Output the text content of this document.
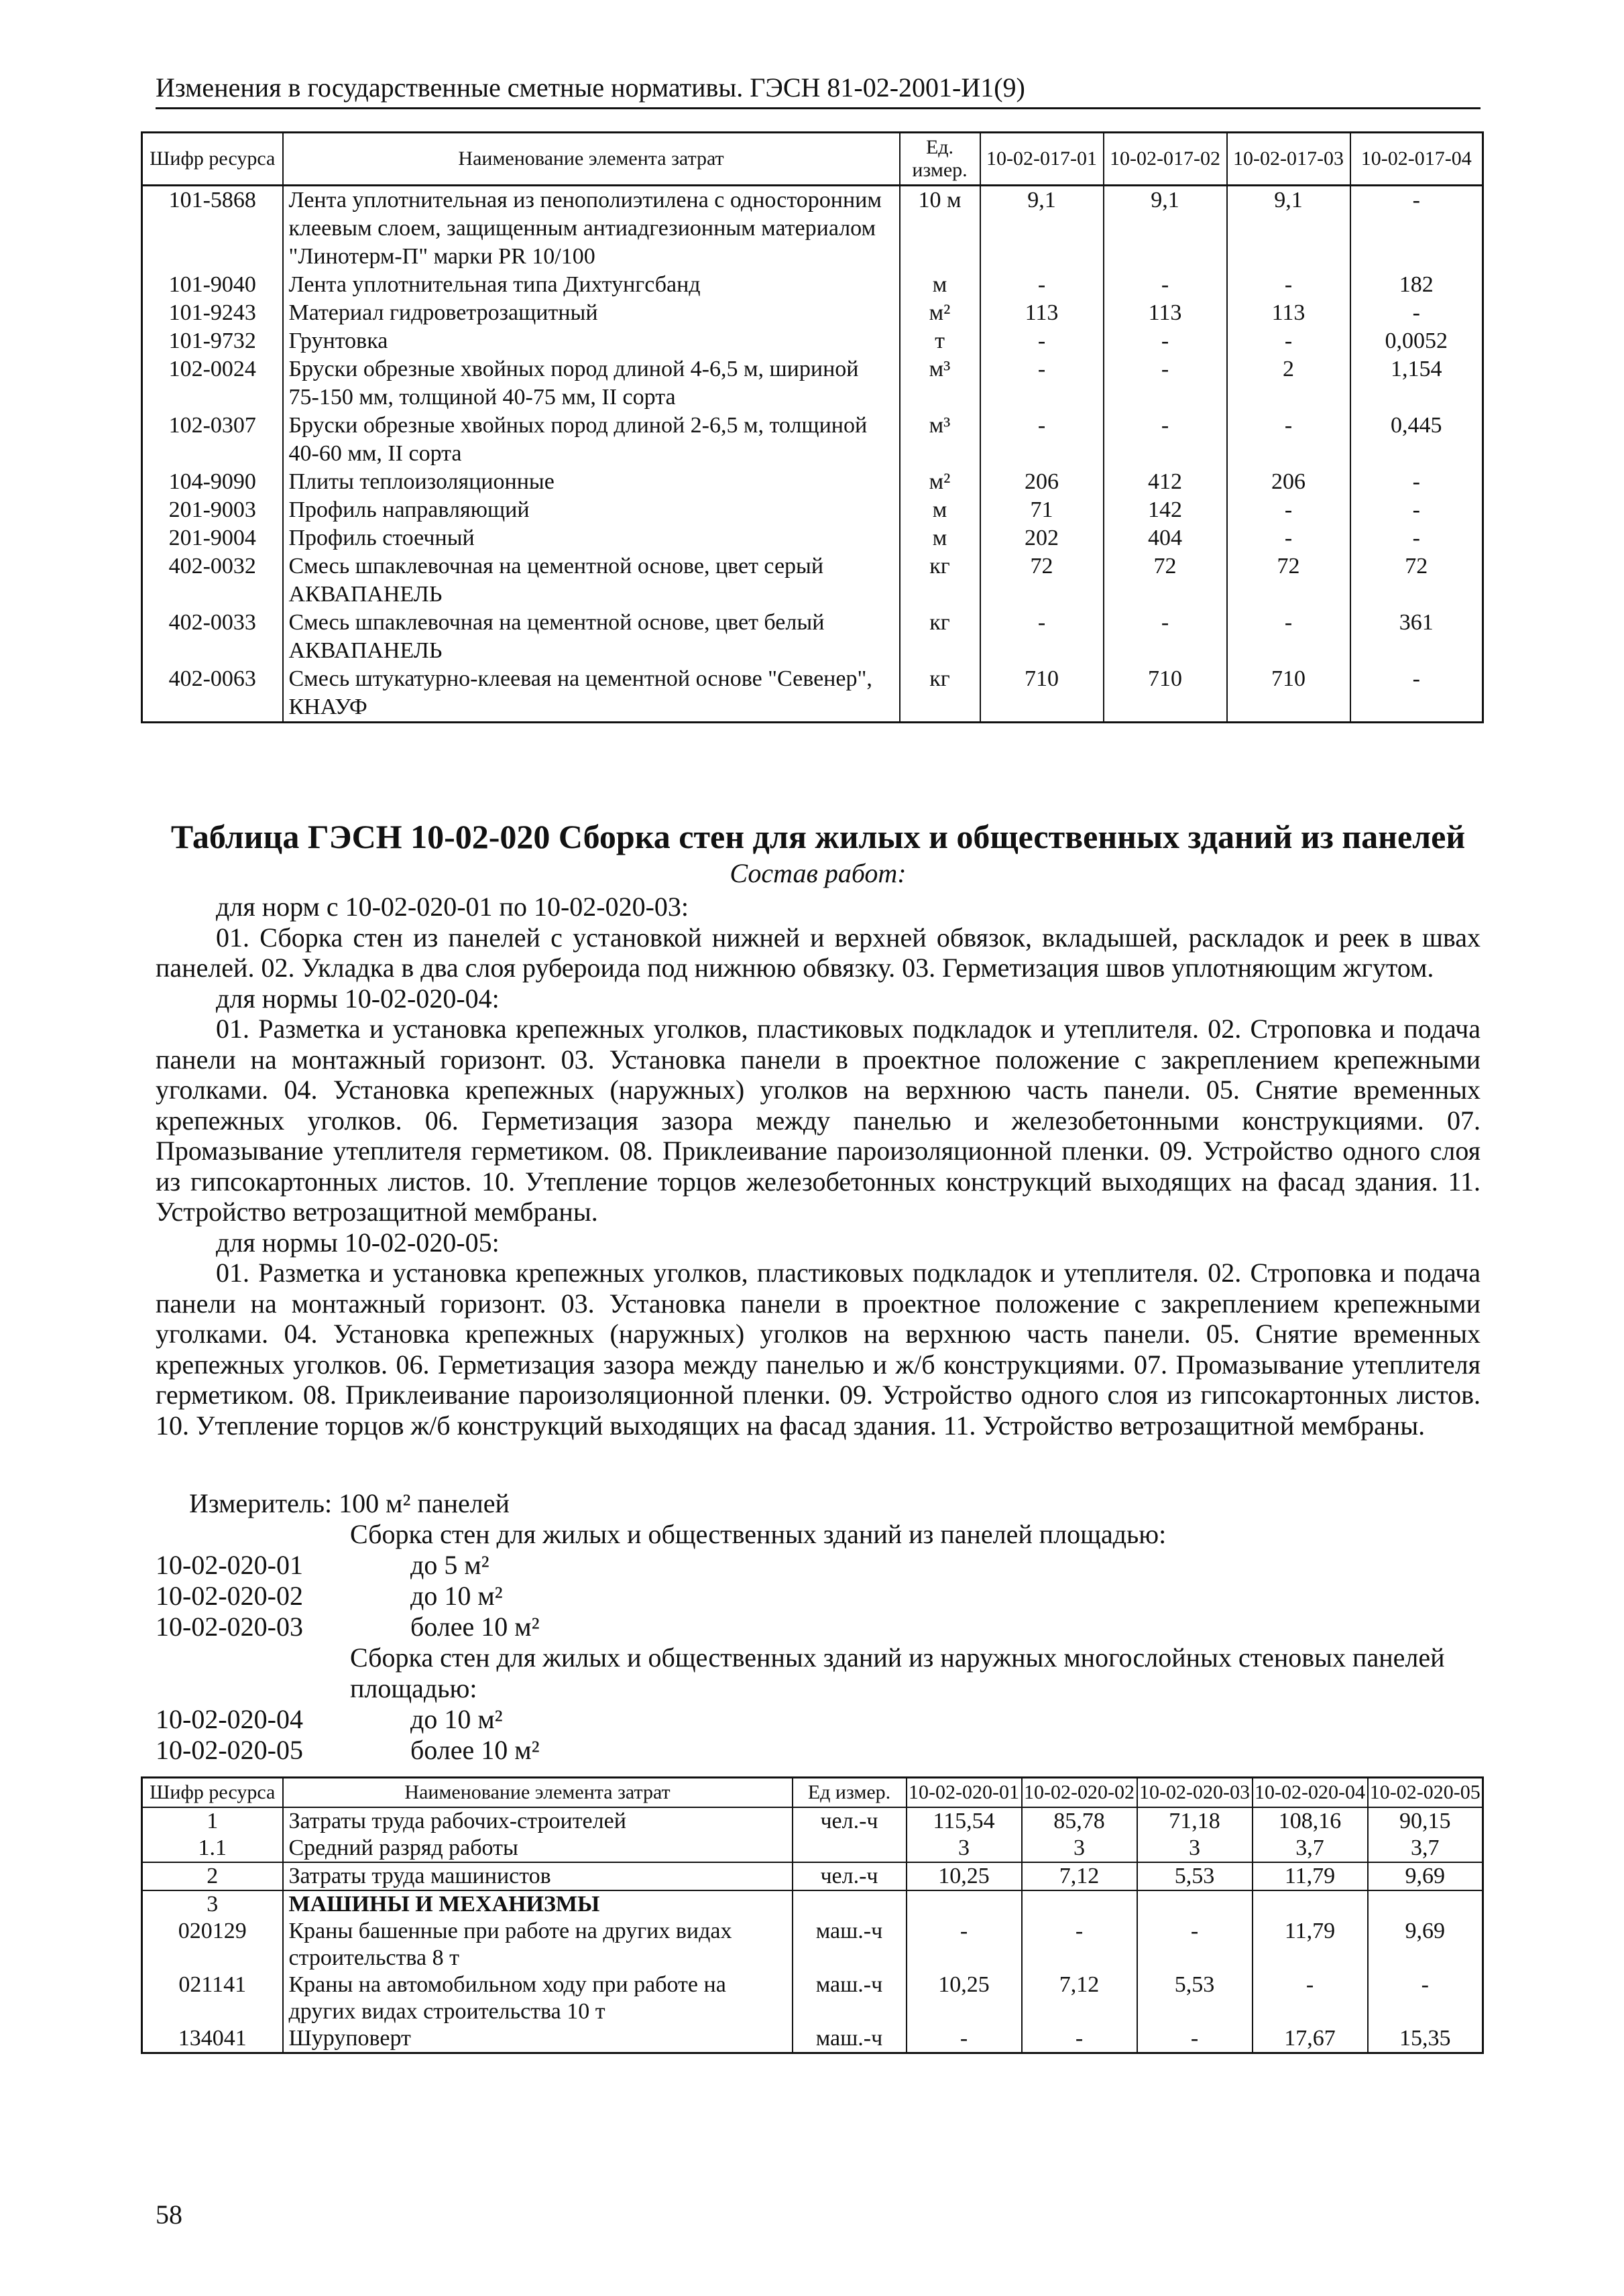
Изменения в государственные сметные нормативы. ГЭСН 81-02-2001-И1(9)
Шифр ресурса	Наименование элемента затрат	Ед. измер.	10-02-017-01	10-02-017-02	10-02-017-03	10-02-017-04
101-5868	Лента уплотнительная из пенополиэтилена с односторонним клеевым слоем, защищенным антиадгезионным материалом "Линотерм-П" марки PR 10/100	10 м	9,1	9,1	9,1	-
101-9040	Лента уплотнительная типа Дихтунгсбанд	м	-	-	-	182
101-9243	Материал гидроветрозащитный	м²	113	113	113	-
101-9732	Грунтовка	т	-	-	-	0,0052
102-0024	Бруски обрезные хвойных пород длиной 4-6,5 м, шириной 75-150 мм, толщиной 40-75 мм, II сорта	м³	-	-	2	1,154
102-0307	Бруски обрезные хвойных пород длиной 2-6,5 м, толщиной 40-60 мм, II сорта	м³	-	-	-	0,445
104-9090	Плиты теплоизоляционные	м²	206	412	206	-
201-9003	Профиль направляющий	м	71	142	-	-
201-9004	Профиль стоечный	м	202	404	-	-
402-0032	Смесь шпаклевочная на цементной основе, цвет серый АКВАПАНЕЛЬ	кг	72	72	72	72
402-0033	Смесь шпаклевочная на цементной основе, цвет белый АКВАПАНЕЛЬ	кг	-	-	-	361
402-0063	Смесь штукатурно-клеевая на цементной основе "Севенер", КНАУФ	кг	710	710	710	-
Таблица ГЭСН 10-02-020 Сборка стен для жилых и общественных зданий из панелей
Состав работ:

для норм с 10-02-020-01 по 10-02-020-03:

01. Сборка стен из панелей с установкой нижней и верхней обвязок, вкладышей, раскладок и реек в швах панелей. 02. Укладка в два слоя рубероида под нижнюю обвязку. 03. Герметизация швов уплотняющим жгутом.

для нормы 10-02-020-04:

01. Разметка и установка крепежных уголков, пластиковых подкладок и утеплителя. 02. Строповка и подача панели на монтажный горизонт. 03. Установка панели в проектное положение с закреплением крепежными уголками. 04. Установка крепежных (наружных) уголков на верхнюю часть панели. 05. Снятие временных крепежных уголков. 06. Герметизация зазора между панелью и железобетонными конструкциями. 07. Промазывание утеплителя герметиком. 08. Приклеивание пароизоляционной пленки. 09. Устройство одного слоя из гипсокартонных листов. 10. Утепление торцов железобетонных конструкций выходящих на фасад здания. 11. Устройство ветрозащитной мембраны.

для нормы 10-02-020-05:

01. Разметка и установка крепежных уголков, пластиковых подкладок и утеплителя. 02. Строповка и подача панели на монтажный горизонт. 03. Установка панели в проектное положение с закреплением крепежными уголками. 04. Установка крепежных (наружных) уголков на верхнюю часть панели. 05. Снятие временных крепежных уголков. 06. Герметизация зазора между панелью и ж/б конструкциями. 07. Промазывание утеплителя герметиком. 08. Приклеивание пароизоляционной пленки. 09. Устройство одного слоя из гипсокартонных листов. 10. Утепление торцов ж/б конструкций выходящих на фасад здания. 11. Устройство ветрозащитной мембраны.

Измеритель: 100 м² панелей
Сборка стен для жилых и общественных зданий из панелей площадью:
10-02-020-01	до 5 м²
10-02-020-02	до 10 м²
10-02-020-03	более 10 м²
Сборка стен для жилых и общественных зданий из наружных многослойных стеновых панелей площадью:
10-02-020-04	до 10 м²
10-02-020-05	более 10 м²
Шифр ресурса	Наименование элемента затрат	Ед измер.	10-02-020-01	10-02-020-02	10-02-020-03	10-02-020-04	10-02-020-05
1	Затраты труда рабочих-строителей	чел.-ч	115,54	85,78	71,18	108,16	90,15
1.1	Средний разряд работы		3	3	3	3,7	3,7
2	Затраты труда машинистов	чел.-ч	10,25	7,12	5,53	11,79	9,69
3	МАШИНЫ И МЕХАНИЗМЫ						
020129	Краны башенные при работе на других видах строительства 8 т	маш.-ч	-	-	-	11,79	9,69
021141	Краны на автомобильном ходу при работе на других видах строительства 10 т	маш.-ч	10,25	7,12	5,53	-	-
134041	Шуруповерт	маш.-ч	-	-	-	17,67	15,35
58
